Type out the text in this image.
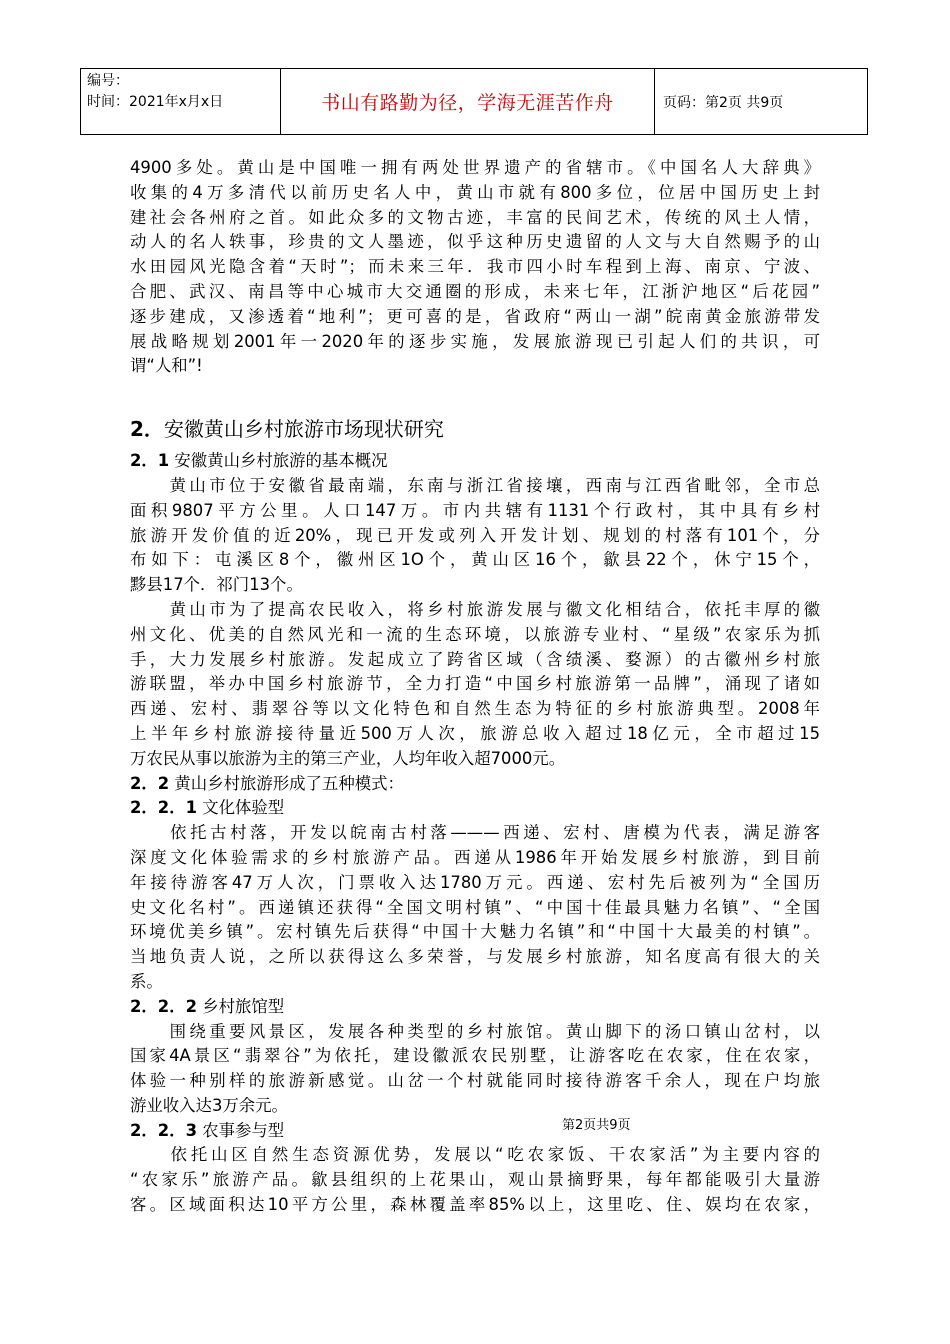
编号：
时间：2021年x月x日	书山有路勤为径，学海无涯苦作舟	页码：第2页 共9页
4900多处。黄山是中国唯一拥有两处世界遗产的省辖市。《中国名人大辞典》
收集的4万多清代以前历史名人中，黄山市就有800多位，位居中国历史上封
建社会各州府之首。如此众多的文物古迹，丰富的民间艺术，传统的风土人情，
动人的名人轶事，珍贵的文人墨迹，似乎这种历史遗留的人文与大自然赐予的山
水田园风光隐含着“天时”；而未来三年．我市四小时车程到上海、南京、宁波、
合肥、武汉、南昌等中心城市大交通圈的形成，未来七年，江浙沪地区“后花园”
逐步建成，又渗透着“地利”；更可喜的是，省政府“两山一湖”皖南黄金旅游带发
展战略规划2001年一2020年的逐步实施，发展旅游现已引起人们的共识，可
谓“人和”!
2．安徽黄山乡村旅游市场现状研究
2．1 安徽黄山乡村旅游的基本概况
　　黄山市位于安徽省最南端，东南与浙江省接壤，西南与江西省毗邻，全市总
面积9807平方公里。人口147万。市内共辖有1131个行政村，其中具有乡村
旅游开发价值的近20%，现已开发或列入开发计划、规划的村落有101个，分
布如下：屯溪区8个，徽州区1O个，黄山区16个，歙县22个，休宁15个，
黟县17个．祁门13个。
　　黄山市为了提高农民收入，将乡村旅游发展与徽文化相结合，依托丰厚的徽
州文化、优美的自然风光和一流的生态环境，以旅游专业村、“星级”农家乐为抓
手，大力发展乡村旅游。发起成立了跨省区域（含绩溪、婺源）的古徽州乡村旅
游联盟，举办中国乡村旅游节，全力打造“中国乡村旅游第一品牌”，涌现了诸如
西递、宏村、翡翠谷等以文化特色和自然生态为特征的乡村旅游典型。2008年
上半年乡村旅游接待量近500万人次，旅游总收入超过18亿元，全市超过15
万农民从事以旅游为主的第三产业，人均年收入超7000元。
2．2 黄山乡村旅游形成了五种模式：
2．2．1 文化体验型
　　依托古村落，开发以皖南古村落———西递、宏村、唐模为代表，满足游客
深度文化体验需求的乡村旅游产品。西递从1986年开始发展乡村旅游，到目前
年接待游客47万人次，门票收入达1780万元。西递、宏村先后被列为“全国历
史文化名村”。西递镇还获得“全国文明村镇”、“中国十佳最具魅力名镇”、“全国
环境优美乡镇”。宏村镇先后获得“中国十大魅力名镇”和“中国十大最美的村镇”。
当地负责人说，之所以获得这么多荣誉，与发展乡村旅游，知名度高有很大的关
系。
2．2．2 乡村旅馆型
　　围绕重要风景区，发展各种类型的乡村旅馆。黄山脚下的汤口镇山岔村，以
国家4A景区“翡翠谷”为依托，建设徽派农民别墅，让游客吃在农家，住在农家，
体验一种别样的旅游新感觉。山岔一个村就能同时接待游客千余人，现在户均旅
游业收入达3万余元。
2．2．3 农事参与型
　　依托山区自然生态资源优势，发展以“吃农家饭、干农家活”为主要内容的
“农家乐”旅游产品。歙县组织的上花果山，观山景摘野果，每年都能吸引大量游
客。区域面积达10平方公里，森林覆盖率85%以上，这里吃、住、娱均在农家，
第2页共9页
